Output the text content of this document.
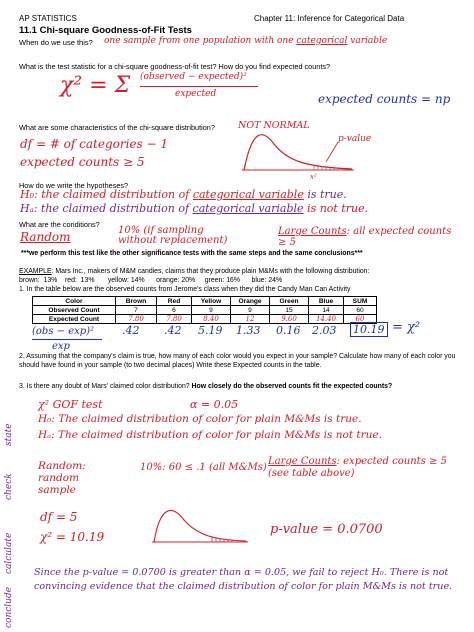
AP STATISTICS	Chapter 11: Inference for Categorical Data
11.1 Chi-square Goodness-of-Fit Tests
When do we use this? one sample from one population with one categorical variable
What is the test statistic for a chi-square goodness-of-fit test? How do you find expected counts?
χ² = Σ (observed − expected)²
expected	expected counts = np
What are some characteristics of the chi-square distribution? NOT NORMAL
df = # of categories − 1
expected counts ≥ 5
p-value
x²
How do we write the hypotheses?
H₀: the claimed distribution of categorical variable is true.
Hₐ: the claimed distribution of categorical variable is not true.
What are the conditions?
Random	10% (if sampling without replacement)
Large Counts: all expected counts ≥ 5
***we perform this test like the other significance tests with the same steps and the same conclusions***
EXAMPLE: Mars Inc., makers of M&M candies, claims that they produce plain M&Ms with the following distribution:
brown:  13%    red:  13%       yellow: 14%      orange: 20%     green: 16%      blue: 24%
1. In the table below are the observed counts from Jerome's class when they did the Candy Man Can Activity
Color	Brown	Red	Yellow	Orange	Green	Blue	SUM
Observed Count	7	6	9	9	15	14	60
Expected Count	7.80	7.80	8.40	12	9.60	14.40	60
(obs − exp)²
exp
.42 .42 5.19 1.33 0.16 2.03 10.19 = χ²
2. Assuming that the company's claim is true, how many of each color would you expect in your sample? Calculate how many of each color you should have found in your sample (to two decimal places) Write these Expected counts in the table.
3. Is there any doubt of Mars' claimed color distribution? How closely do the observed counts fit the expected counts?
state
χ² GOF test	α = 0.05
H₀: The claimed distribution of color for plain M&Ms is true.
Hₐ: The claimed distribution of color for plain M&Ms is not true.
check
Random: random sample
10%: 60 ≤ .1 (all M&Ms)
Large Counts: expected counts ≥ 5 (see table above)
calculate
df = 5
χ² = 10.19	p-value = 0.0700
conclude
Since the p-value = 0.0700 is greater than α = 0.05, we fail to reject H₀. There is not convincing evidence that the claimed distribution of color for plain M&Ms is not true.
